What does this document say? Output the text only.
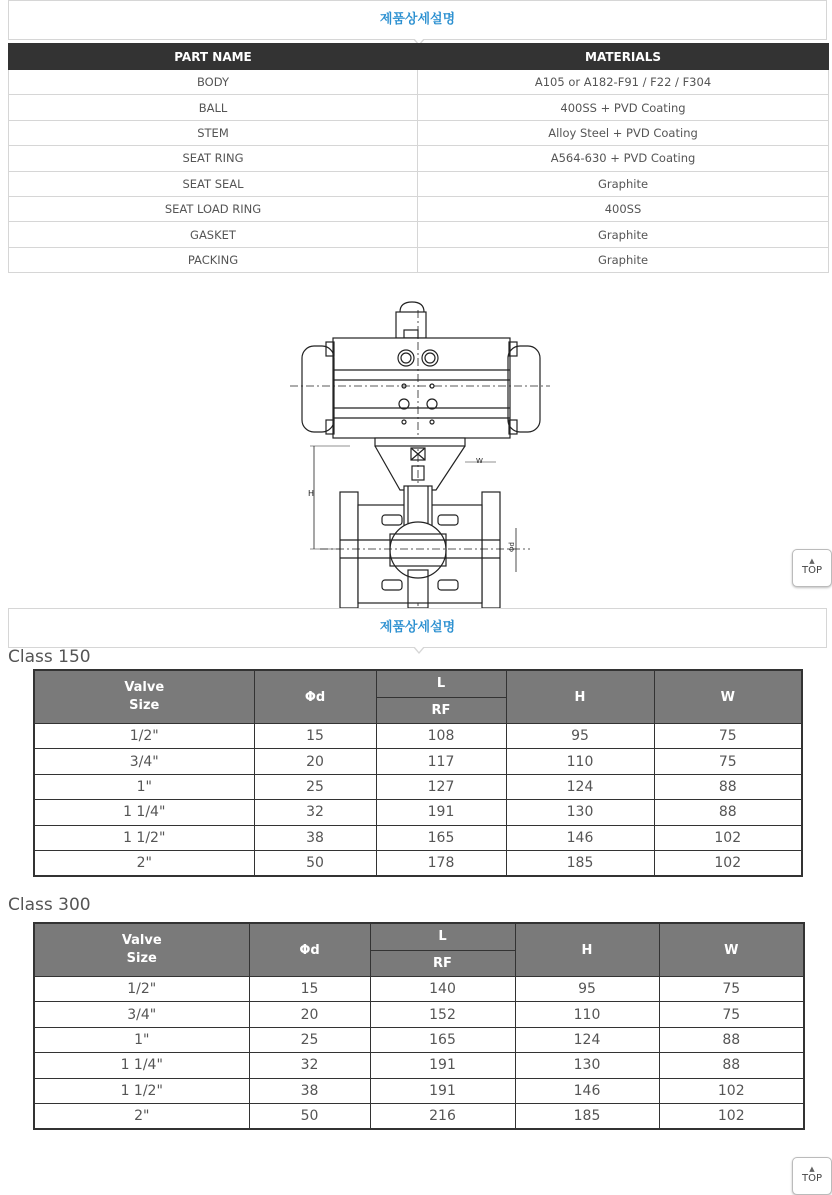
제품상세설명
PART NAME	MATERIALS
BODY	A105 or A182-F91 / F22 / F304
BALL	400SS + PVD Coating
STEM	Alloy Steel + PVD Coating
SEAT RING	A564-630 + PVD Coating
SEAT SEAL	Graphite
SEAT LOAD RING	400SS
GASKET	Graphite
PACKING	Graphite
H
W
Φd
▲
TOP
제품상세설명
Class 150
Valve
Size	Φd	L	H	W
		RF		
1/2"	15	108	95	75
3/4"	20	117	110	75
1"	25	127	124	88
1 1/4"	32	191	130	88
1 1/2"	38	165	146	102
2"	50	178	185	102
Class 300
Valve
Size	Φd	L	H	W
		RF		
1/2"	15	140	95	75
3/4"	20	152	110	75
1"	25	165	124	88
1 1/4"	32	191	130	88
1 1/2"	38	191	146	102
2"	50	216	185	102
▲
TOP
